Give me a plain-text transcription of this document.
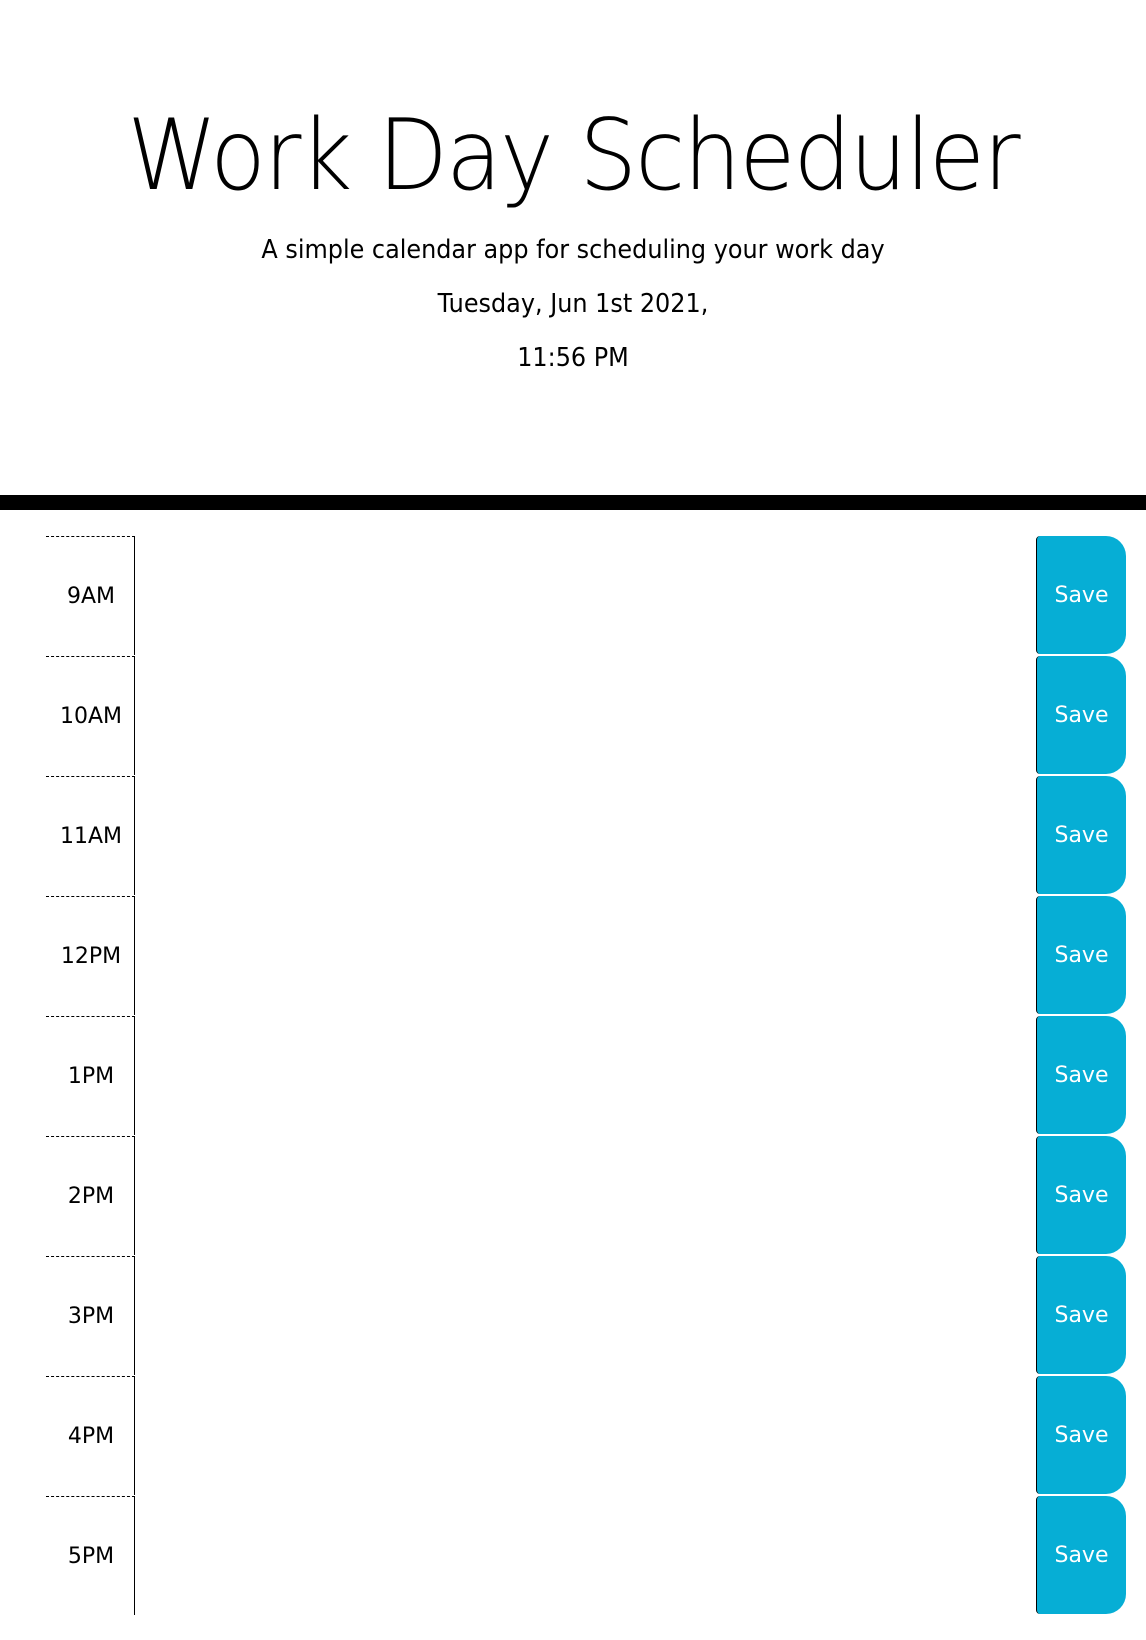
Work Day Scheduler
A simple calendar app for scheduling your work day
Tuesday, Jun 1st 2021,
11:56 PM
9AM	Save
10AM	Save
11AM	Save
12PM	Save
1PM	Save
2PM	Save
3PM	Save
4PM	Save
5PM	Save
